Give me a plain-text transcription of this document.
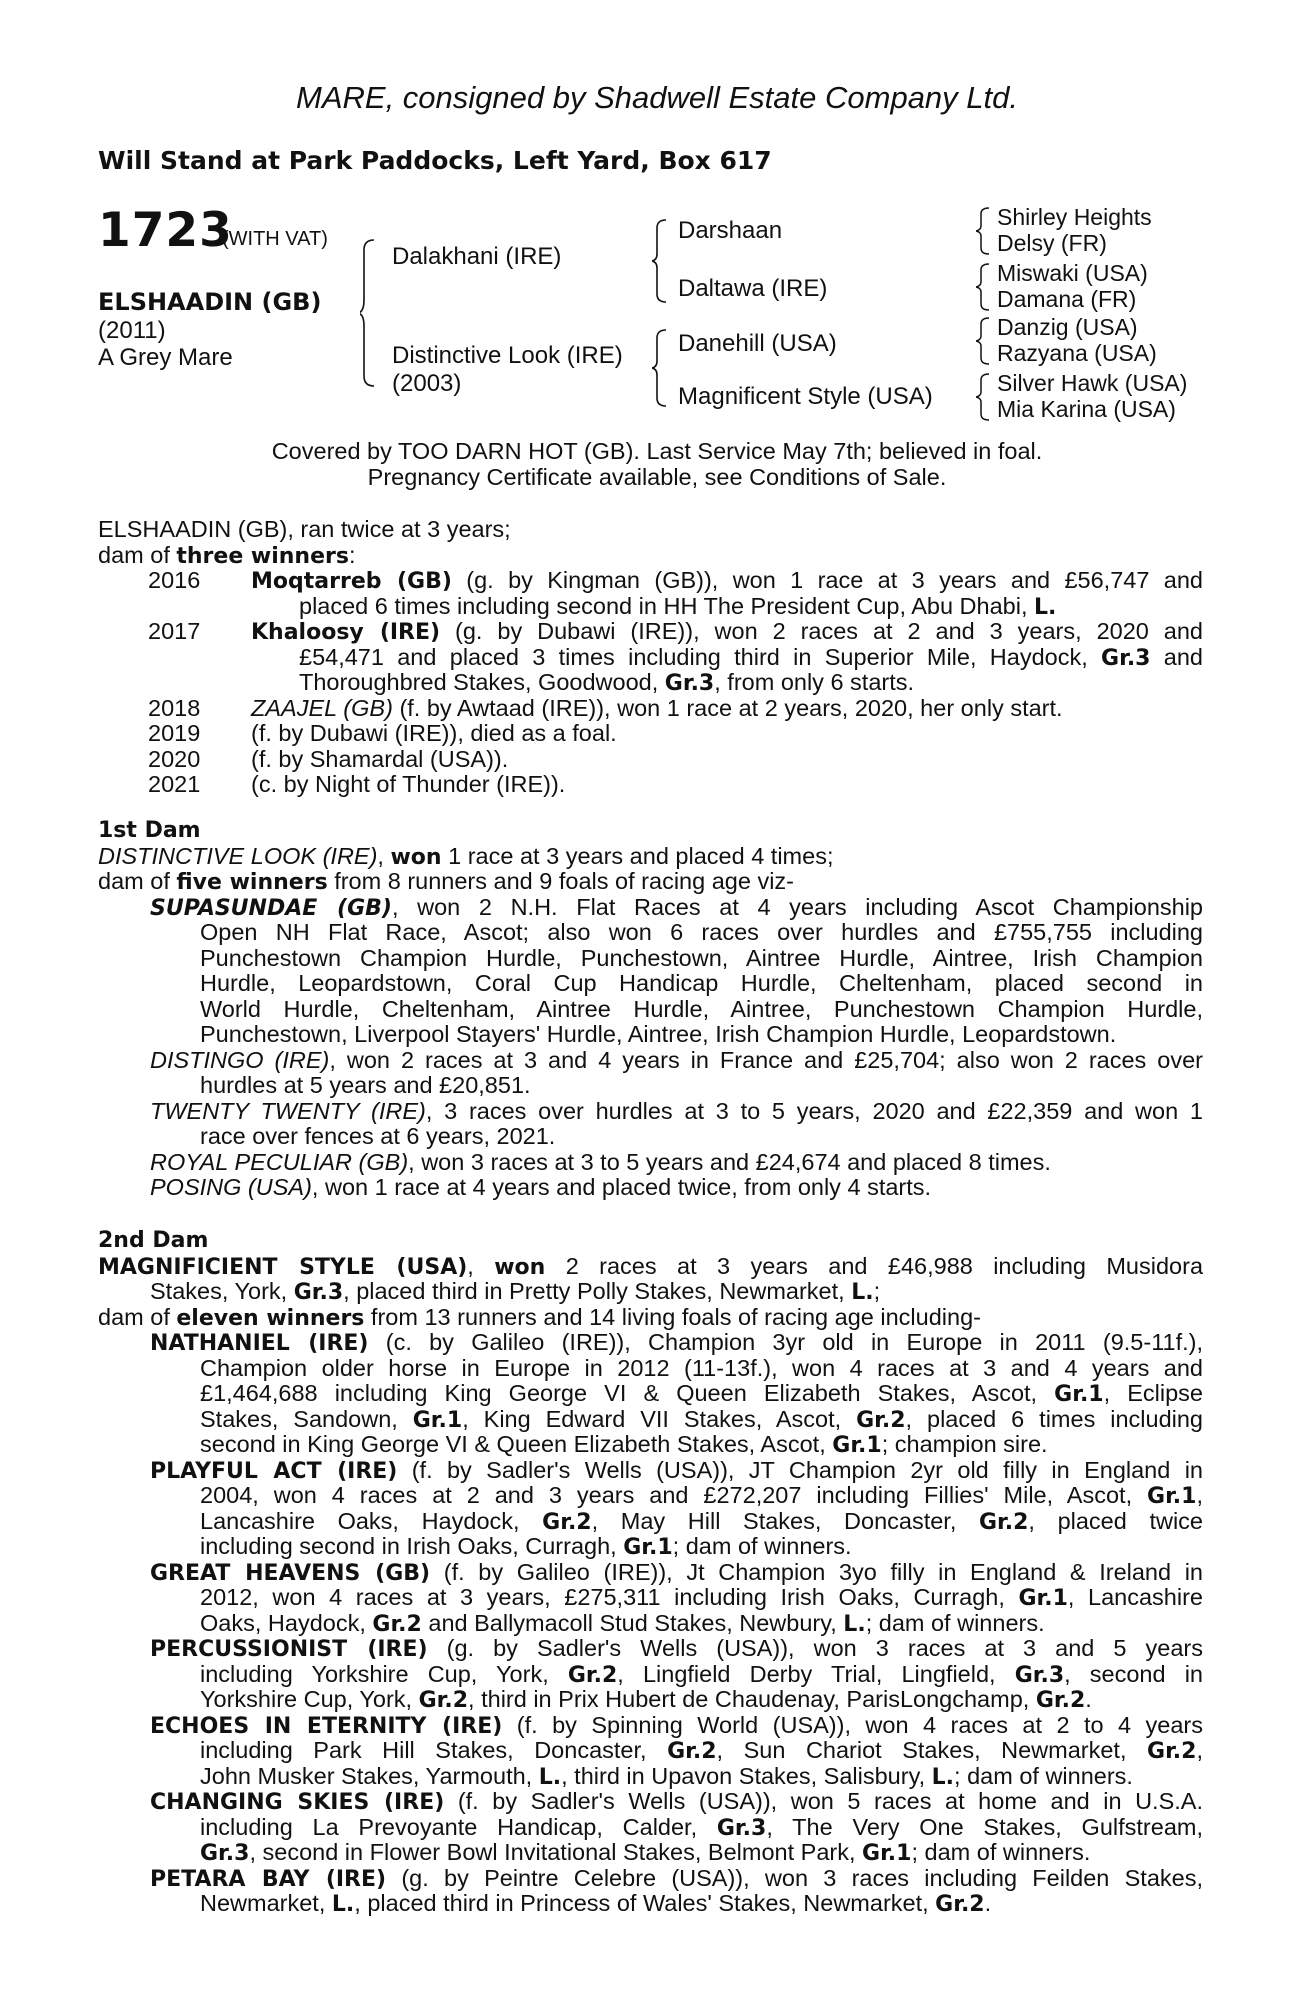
MARE, consigned by Shadwell Estate Company Ltd.
Will Stand at Park Paddocks, Left Yard, Box 617
1723
(WITH VAT)
ELSHAADIN (GB)
(2011)
A Grey Mare
Dalakhani (IRE)
Distinctive Look (IRE)
(2003)
Darshaan
Daltawa (IRE)
Danehill (USA)
Magnificent Style (USA)
Shirley Heights
Delsy (FR)
Miswaki (USA)
Damana (FR)
Danzig (USA)
Razyana (USA)
Silver Hawk (USA)
Mia Karina (USA)
Covered by TOO DARN HOT (GB). Last Service May 7th; believed in foal.
Pregnancy Certificate available, see Conditions of Sale.
ELSHAADIN (GB), ran twice at 3 years;
dam of three winners:
2016 Moqtarreb (GB) (g. by Kingman (GB)), won 1 race at 3 years and £56,747 and
placed 6 times including second in HH The President Cup, Abu Dhabi, L.
2017 Khaloosy (IRE) (g. by Dubawi (IRE)), won 2 races at 2 and 3 years, 2020 and
£54,471 and placed 3 times including third in Superior Mile, Haydock, Gr.3 and
Thoroughbred Stakes, Goodwood, Gr.3, from only 6 starts.
2018 ZAAJEL (GB) (f. by Awtaad (IRE)), won 1 race at 2 years, 2020, her only start.
2019 (f. by Dubawi (IRE)), died as a foal.
2020 (f. by Shamardal (USA)).
2021 (c. by Night of Thunder (IRE)).
1st Dam
DISTINCTIVE LOOK (IRE), won 1 race at 3 years and placed 4 times;
dam of five winners from 8 runners and 9 foals of racing age viz-
SUPASUNDAE (GB), won 2 N.H. Flat Races at 4 years including Ascot Championship
Open NH Flat Race, Ascot; also won 6 races over hurdles and £755,755 including
Punchestown Champion Hurdle, Punchestown, Aintree Hurdle, Aintree, Irish Champion
Hurdle, Leopardstown, Coral Cup Handicap Hurdle, Cheltenham, placed second in
World Hurdle, Cheltenham, Aintree Hurdle, Aintree, Punchestown Champion Hurdle,
Punchestown, Liverpool Stayers' Hurdle, Aintree, Irish Champion Hurdle, Leopardstown.
DISTINGO (IRE), won 2 races at 3 and 4 years in France and £25,704; also won 2 races over
hurdles at 5 years and £20,851.
TWENTY TWENTY (IRE), 3 races over hurdles at 3 to 5 years, 2020 and £22,359 and won 1
race over fences at 6 years, 2021.
ROYAL PECULIAR (GB), won 3 races at 3 to 5 years and £24,674 and placed 8 times.
POSING (USA), won 1 race at 4 years and placed twice, from only 4 starts.
2nd Dam
MAGNIFICIENT STYLE (USA), won 2 races at 3 years and £46,988 including Musidora
Stakes, York, Gr.3, placed third in Pretty Polly Stakes, Newmarket, L.;
dam of eleven winners from 13 runners and 14 living foals of racing age including-
NATHANIEL (IRE) (c. by Galileo (IRE)), Champion 3yr old in Europe in 2011 (9.5-11f.),
Champion older horse in Europe in 2012 (11-13f.), won 4 races at 3 and 4 years and
£1,464,688 including King George VI & Queen Elizabeth Stakes, Ascot, Gr.1, Eclipse
Stakes, Sandown, Gr.1, King Edward VII Stakes, Ascot, Gr.2, placed 6 times including
second in King George VI & Queen Elizabeth Stakes, Ascot, Gr.1; champion sire.
PLAYFUL ACT (IRE) (f. by Sadler's Wells (USA)), JT Champion 2yr old filly in England in
2004, won 4 races at 2 and 3 years and £272,207 including Fillies' Mile, Ascot, Gr.1,
Lancashire Oaks, Haydock, Gr.2, May Hill Stakes, Doncaster, Gr.2, placed twice
including second in Irish Oaks, Curragh, Gr.1; dam of winners.
GREAT HEAVENS (GB) (f. by Galileo (IRE)), Jt Champion 3yo filly in England & Ireland in
2012, won 4 races at 3 years, £275,311 including Irish Oaks, Curragh, Gr.1, Lancashire
Oaks, Haydock, Gr.2 and Ballymacoll Stud Stakes, Newbury, L.; dam of winners.
PERCUSSIONIST (IRE) (g. by Sadler's Wells (USA)), won 3 races at 3 and 5 years
including Yorkshire Cup, York, Gr.2, Lingfield Derby Trial, Lingfield, Gr.3, second in
Yorkshire Cup, York, Gr.2, third in Prix Hubert de Chaudenay, ParisLongchamp, Gr.2.
ECHOES IN ETERNITY (IRE) (f. by Spinning World (USA)), won 4 races at 2 to 4 years
including Park Hill Stakes, Doncaster, Gr.2, Sun Chariot Stakes, Newmarket, Gr.2,
John Musker Stakes, Yarmouth, L., third in Upavon Stakes, Salisbury, L.; dam of winners.
CHANGING SKIES (IRE) (f. by Sadler's Wells (USA)), won 5 races at home and in U.S.A.
including La Prevoyante Handicap, Calder, Gr.3, The Very One Stakes, Gulfstream,
Gr.3, second in Flower Bowl Invitational Stakes, Belmont Park, Gr.1; dam of winners.
PETARA BAY (IRE) (g. by Peintre Celebre (USA)), won 3 races including Feilden Stakes,
Newmarket, L., placed third in Princess of Wales' Stakes, Newmarket, Gr.2.
